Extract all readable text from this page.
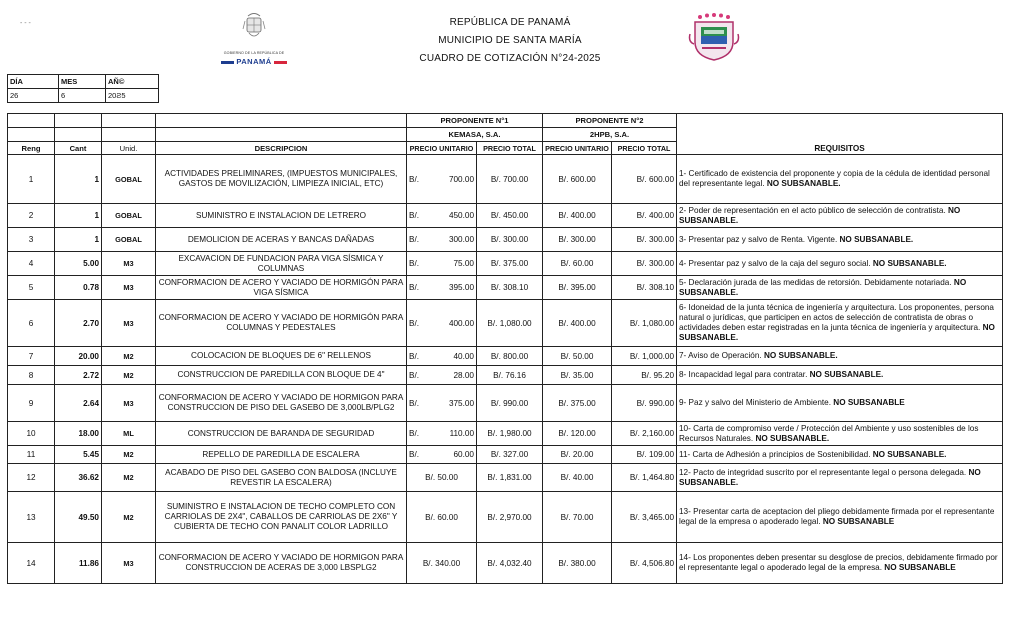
- - -
GOBIERNO DE LA REPÚBLICA DE
PANAMÁ
REPÚBLICA DE PANAMÁ
MUNICIPIO DE SANTA MARÍA
CUADRO DE COTIZACIÓN N°24-2025
DÍA	MES	AÑ©
26	6	20Ƨ5
				PROPONENTE N°1		PROPONENTE N°2		REQUISITOS
				KEMASA, S.A.		2HPB, S.A.		
Reng	Cant	Unid.	DESCRIPCION	PRECIO UNITARIO	PRECIO TOTAL	PRECIO UNITARIO	PRECIO TOTAL	
1	1	GOBAL	ACTIVIDADES PRELIMINARES, (IMPUESTOS MUNICIPALES, GASTOS DE MOVILIZACIÓN, LIMPIEZA INICIAL, ETC)	B/. 700.00	B/. 700.00	B/. 600.00	B/. 600.00	1- Certificado de existencia del proponente y copia de la cédula de identidad personal del representante legal. NO SUBSANABLE.
2	1	GOBAL	SUMINISTRO E INSTALACION DE LETRERO	B/. 450.00	B/. 450.00	B/. 400.00	B/. 400.00	2- Poder de representación en el acto público de selección de contratista. NO SUBSANABLE.
3	1	GOBAL	DEMOLICION DE ACERAS Y BANCAS DAÑADAS	B/. 300.00	B/. 300.00	B/. 300.00	B/. 300.00	3- Presentar paz y salvo de Renta. Vigente. NO SUBSANABLE.
4	5.00	M3	EXCAVACION DE FUNDACION PARA VIGA SÍSMICA Y COLUMNAS	B/. 75.00	B/. 375.00	B/. 60.00	B/. 300.00	4- Presentar paz y salvo de la caja del seguro social. NO SUBSANABLE.
5	0.78	M3	CONFORMACION DE ACERO Y VACIADO DE HORMIGÓN PARA VIGA SÍSMICA	B/. 395.00	B/. 308.10	B/. 395.00	B/. 308.10	5- Declaración jurada de las medidas de retorsión. Debidamente notariada. NO SUBSANABLE.
6	2.70	M3	CONFORMACION DE ACERO Y VACIADO DE HORMIGÓN PARA COLUMNAS Y PEDESTALES	B/. 400.00	B/. 1,080.00	B/. 400.00	B/. 1,080.00	6- Idoneidad de la junta técnica de ingeniería y arquitectura. Los proponentes, persona natural o jurídicas, que participen en actos de selección de contratista de obras o actividades deben estar registradas en la junta técnica de ingeniería y arquitectura. NO SUBSANABLE.
7	20.00	M2	COLOCACION DE BLOQUES DE 6" RELLENOS	B/. 40.00	B/. 800.00	B/. 50.00	B/. 1,000.00	7- Aviso de Operación. NO SUBSANABLE.
8	2.72	M2	CONSTRUCCION DE PAREDILLA CON BLOQUE DE 4"	B/. 28.00	B/. 76.16	B/. 35.00	B/. 95.20	8- Incapacidad legal para contratar. NO SUBSANABLE.
9	2.64	M3	CONFORMACION DE ACERO Y VACIADO DE HORMIGON PARA CONSTRUCCION DE PISO DEL GASEBO DE 3,000LB/PLG2	B/. 375.00	B/. 990.00	B/. 375.00	B/. 990.00	9- Paz y salvo del Ministerio de Ambiente. NO SUBSANABLE
10	18.00	ML	CONSTRUCCION DE BARANDA DE SEGURIDAD	B/. 110.00	B/. 1,980.00	B/. 120.00	B/. 2,160.00	10- Carta de compromiso verde / Protección del Ambiente y uso sostenibles de los Recursos Naturales. NO SUBSANABLE.
11	5.45	M2	REPELLO DE PAREDILLA DE ESCALERA	B/. 60.00	B/. 327.00	B/. 20.00	B/. 109.00	11- Carta de Adhesión a principios de Sostenibilidad. NO SUBSANABLE.
12	36.62	M2	ACABADO DE PISO DEL GASEBO CON BALDOSA (INCLUYE REVESTIR LA ESCALERA)	B/. 50.00	B/. 1,831.00	B/. 40.00	B/. 1,464.80	12- Pacto de integridad suscrito por el representante legal o persona delegada. NO SUBSANABLE.
13	49.50	M2	SUMINISTRO E INSTALACION DE TECHO COMPLETO CON CARRIOLAS DE 2X4", CABALLOS DE CARRIOLAS DE 2X6" Y CUBIERTA DE TECHO CON PANALIT COLOR LADRILLO	B/. 60.00	B/. 2,970.00	B/. 70.00	B/. 3,465.00	13- Presentar carta de aceptacion del pliego debidamente firmada por el representante legal de la empresa o apoderado legal. NO SUBSANABLE
14	11.86	M3	CONFORMACION DE ACERO Y VACIADO DE HORMIGON PARA CONSTRUCCION DE ACERAS DE 3,000 LBSPLG2	B/. 340.00	B/. 4,032.40	B/. 380.00	B/. 4,506.80	14- Los proponentes deben presentar su desglose de precios, debidamente firmado por el representante legal o apoderado legal de la empresa. NO SUBSANABLE
